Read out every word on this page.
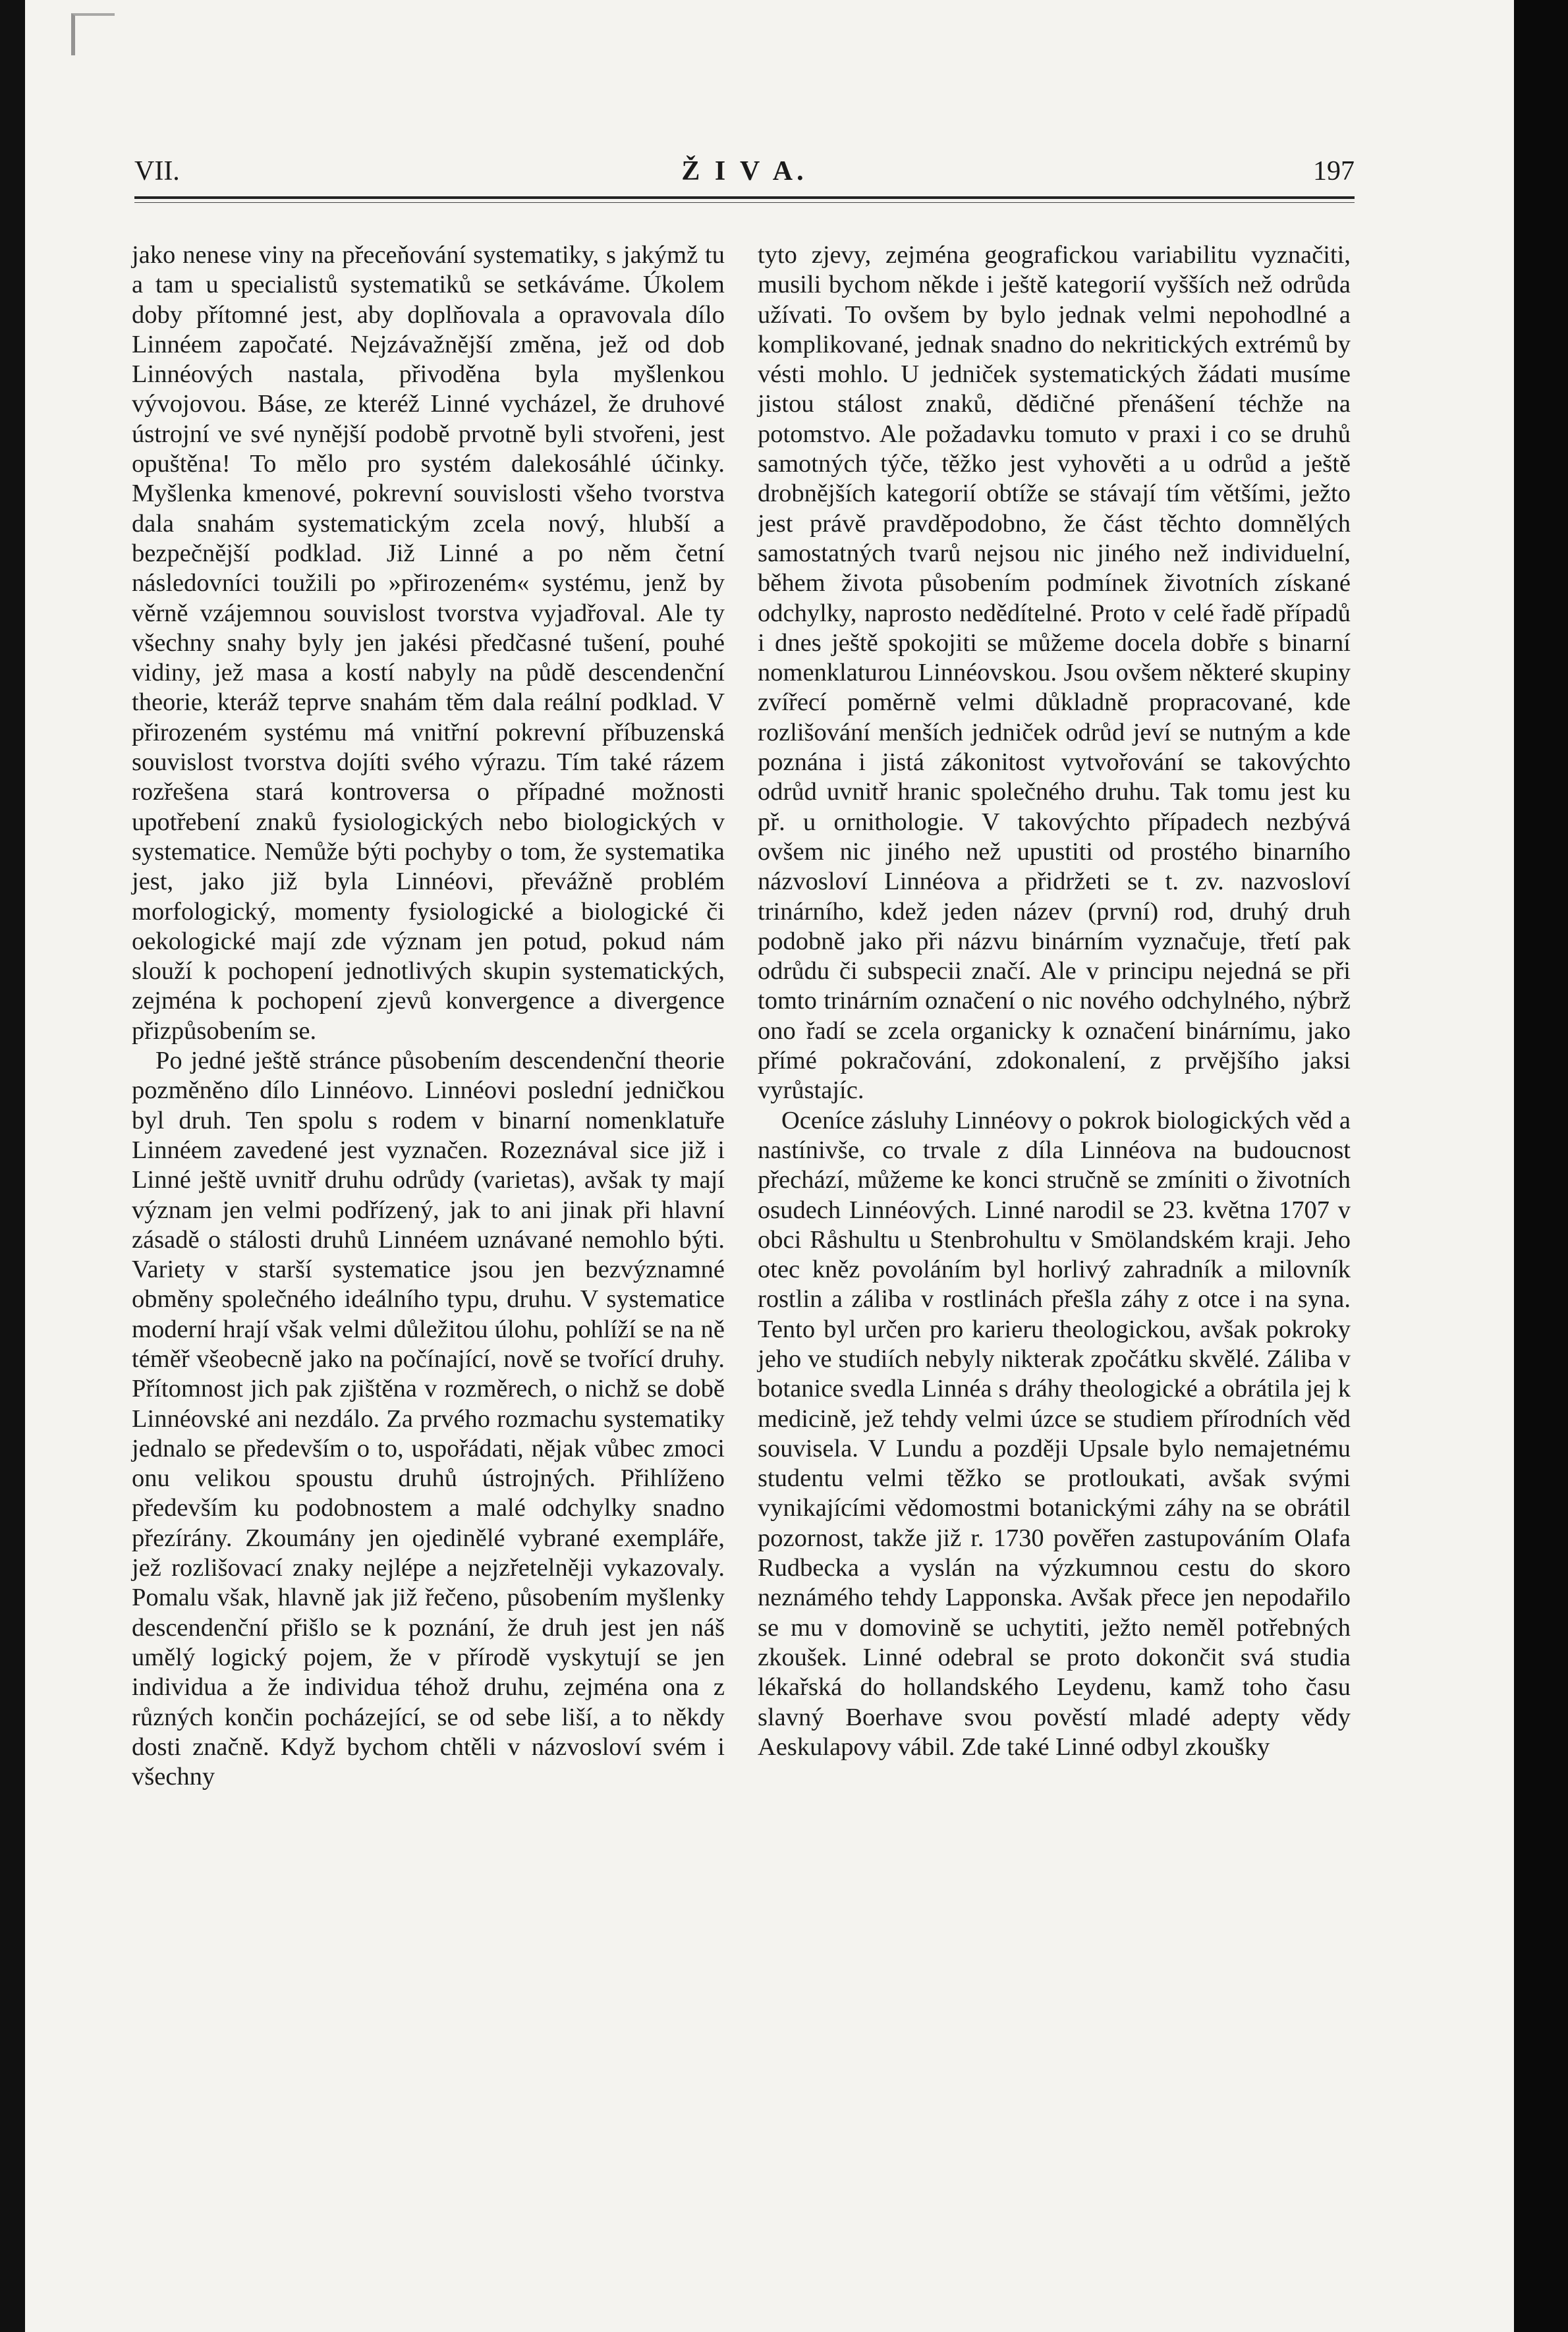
VII.	Ž I V A.	197

jako nenese viny na přeceňování systematiky, s jakýmž tu a tam u specialistů systematiků se setkáváme. Úkolem doby přítomné jest, aby doplňovala a opravovala dílo Linnéem započaté. Nejzávažnější změna, jež od dob Linnéových nastala, přivoděna byla myšlenkou vývojovou. Báse, ze kteréž Linné vycházel, že druhové ústrojní ve své nynější podobě prvotně byli stvořeni, jest opuštěna! To mělo pro systém dalekosáhlé účinky. Myšlenka kmenové, pokrevní souvislosti všeho tvorstva dala snahám systematickým zcela nový, hlubší a bezpečnější podklad. Již Linné a po něm četní následovníci toužili po »přirozeném« systému, jenž by věrně vzájemnou souvislost tvorstva vyjadřoval. Ale ty všechny snahy byly jen jakési předčasné tušení, pouhé vidiny, jež masa a kostí nabyly na půdě descendenční theorie, kteráž teprve snahám těm dala reální podklad. V přirozeném systému má vnitřní pokrevní příbuzenská souvislost tvorstva dojíti svého výrazu. Tím také rázem rozřešena stará kontroversa o případné možnosti upotřebení znaků fysiologických nebo biologických v systematice. Nemůže býti pochyby o tom, že systematika jest, jako již byla Linnéovi, převážně problém morfologický, momenty fysiologické a biologické či oekologické mají zde význam jen potud, pokud nám slouží k pochopení jednotlivých skupin systematických, zejména k pochopení zjevů konvergence a divergence přizpůsobením se.

Po jedné ještě stránce působením descendenční theorie pozměněno dílo Linnéovo. Linnéovi poslední jedničkou byl druh. Ten spolu s rodem v binarní nomenklatuře Linnéem zavedené jest vyznačen. Rozeznával sice již i Linné ještě uvnitř druhu odrůdy (varietas), avšak ty mají význam jen velmi podřízený, jak to ani jinak při hlavní zásadě o stálosti druhů Linnéem uznávané nemohlo býti. Variety v starší systematice jsou jen bezvýznamné obměny společného ideálního typu, druhu. V systematice moderní hrají však velmi důležitou úlohu, pohlíží se na ně téměř všeobecně jako na počínající, nově se tvořící druhy. Přítomnost jich pak zjištěna v rozměrech, o nichž se době Linnéovské ani nezdálo. Za prvého rozmachu systematiky jednalo se především o to, uspořádati, nějak vůbec zmoci onu velikou spoustu druhů ústrojných. Přihlíženo především ku podobnostem a malé odchylky snadno přezírány. Zkoumány jen ojedinělé vybrané exempláře, jež rozlišovací znaky nejlépe a nejzřetelněji vykazovaly. Pomalu však, hlavně jak již řečeno, působením myšlenky descendenční přišlo se k poznání, že druh jest jen náš umělý logický pojem, že v přírodě vyskytují se jen individua a že individua téhož druhu, zejména ona z různých končin pocházející, se od sebe liší, a to někdy dosti značně. Když bychom chtěli v názvosloví svém i všechny

tyto zjevy, zejména geografickou variabilitu vyznačiti, musili bychom někde i ještě kategorií vyšších než odrůda užívati. To ovšem by bylo jednak velmi nepohodlné a komplikované, jednak snadno do nekritických extrémů by vésti mohlo. U jedniček systematických žádati musíme jistou stálost znaků, dědičné přenášení téchže na potomstvo. Ale požadavku tomuto v praxi i co se druhů samotných týče, těžko jest vyhověti a u odrůd a ještě drobnějších kategorií obtíže se stávají tím většími, ježto jest právě pravděpodobno, že část těchto domnělých samostatných tvarů nejsou nic jiného než individuelní, během života působením podmínek životních získané odchylky, naprosto nedědítelné. Proto v celé řadě případů i dnes ještě spokojiti se můžeme docela dobře s binarní nomenklaturou Linnéovskou. Jsou ovšem některé skupiny zvířecí poměrně velmi důkladně propracované, kde rozlišování menších jedniček odrůd jeví se nutným a kde poznána i jistá zákonitost vytvořování se takovýchto odrůd uvnitř hranic společného druhu. Tak tomu jest ku př. u ornithologie. V takovýchto případech nezbývá ovšem nic jiného než upustiti od prostého binarního názvosloví Linnéova a přidržeti se t. zv. nazvosloví trinárního, kdež jeden název (první) rod, druhý druh podobně jako při názvu binárním vyznačuje, třetí pak odrůdu či subspecii značí. Ale v principu nejedná se při tomto trinárním označení o nic nového odchylného, nýbrž ono řadí se zcela organicky k označení binárnímu, jako přímé pokračování, zdokonalení, z prvějšího jaksi vyrůstajíc.

Oceníce zásluhy Linnéovy o pokrok biologických věd a nastínivše, co trvale z díla Linnéova na budoucnost přechází, můžeme ke konci stručně se zmíniti o životních osudech Linnéových. Linné narodil se 23. května 1707 v obci Råshultu u Stenbrohultu v Smölandském kraji. Jeho otec kněz povoláním byl horlivý zahradník a milovník rostlin a záliba v rostlinách přešla záhy z otce i na syna. Tento byl určen pro karieru theologickou, avšak pokroky jeho ve studiích nebyly nikterak zpočátku skvělé. Záliba v botanice svedla Linnéa s dráhy theologické a obrátila jej k medicině, jež tehdy velmi úzce se studiem přírodních věd souvisela. V Lundu a později Upsale bylo nemajetnému studentu velmi těžko se protloukati, avšak svými vynikajícími vědomostmi botanickými záhy na se obrátil pozornost, takže již r. 1730 pověřen zastupováním Olafa Rudbecka a vyslán na výzkumnou cestu do skoro neznámého tehdy Lapponska. Avšak přece jen nepodařilo se mu v domovině se uchytiti, ježto neměl potřebných zkoušek. Linné odebral se proto dokončit svá studia lékařská do hollandského Leydenu, kamž toho času slavný Boerhave svou pověstí mladé adepty vědy Aeskulapovy vábil. Zde také Linné odbyl zkoušky
